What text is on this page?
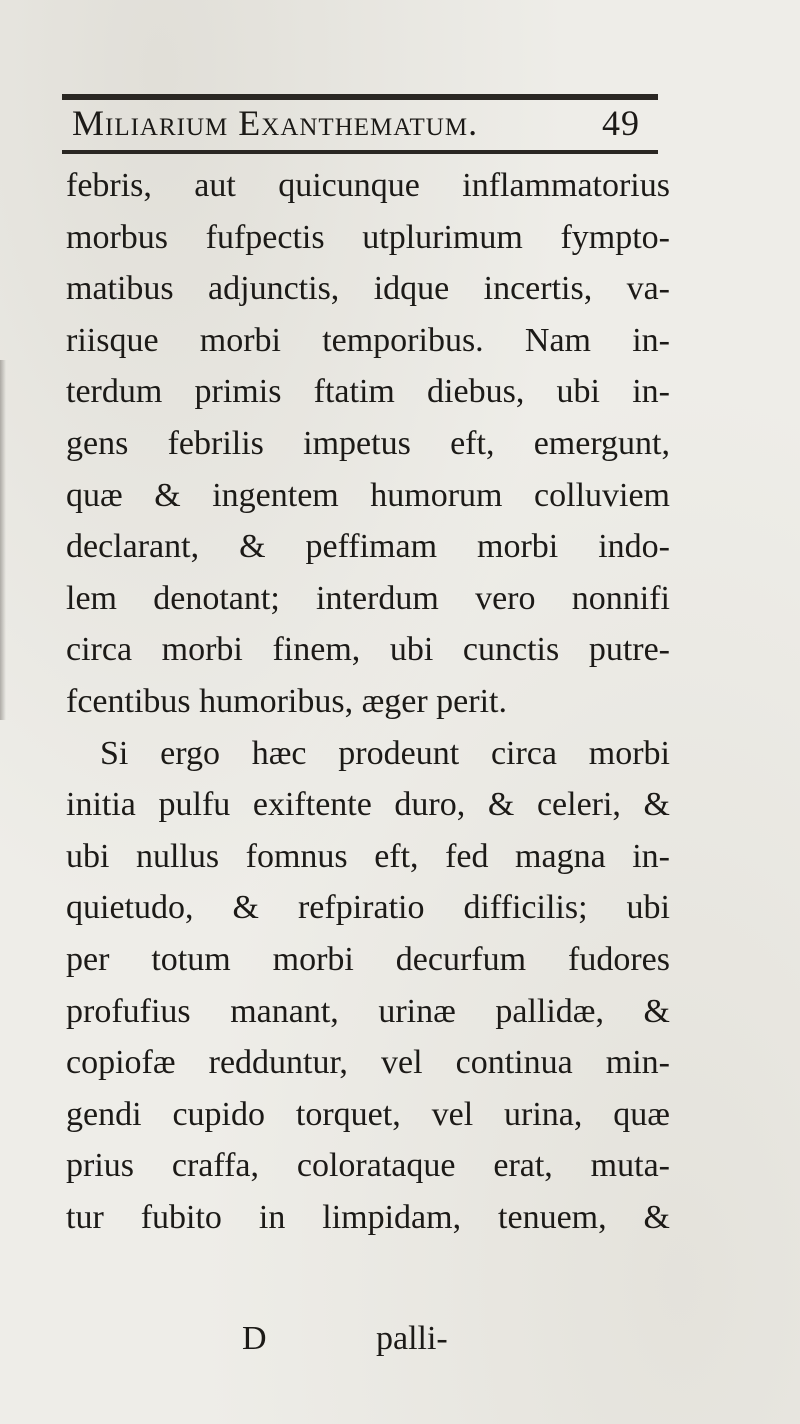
Miliarium Exanthematum.	49
febris, aut quicunque inflammatorius
morbus fufpectis utplurimum fympto-
matibus adjunctis, idque incertis, va-
riisque morbi temporibus. Nam in-
terdum primis ftatim diebus, ubi in-
gens febrilis impetus eft, emergunt,
quæ & ingentem humorum colluviem
declarant, & peffimam morbi indo-
lem denotant; interdum vero nonnifi
circa morbi finem, ubi cunctis putre-
fcentibus humoribus, æger perit.
Si ergo hæc prodeunt circa morbi
initia pulfu exiftente duro, & celeri, &
ubi nullus fomnus eft, fed magna in-
quietudo, & refpiratio difficilis; ubi
per totum morbi decurfum fudores
profufius manant, urinæ pallidæ, &
copiofæ redduntur, vel continua min-
gendi cupido torquet, vel urina, quæ
prius craffa, colorataque erat, muta-
tur fubito in limpidam, tenuem, &
D	palli-
